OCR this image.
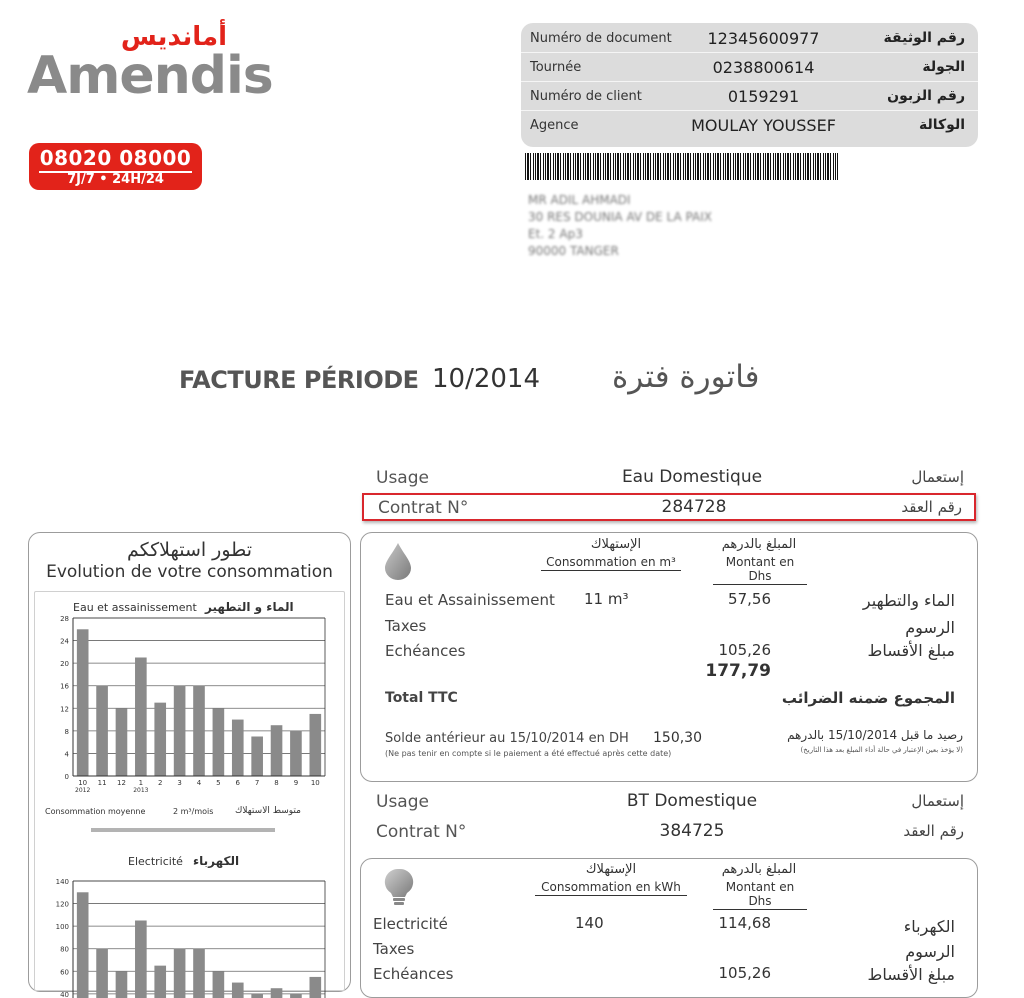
أمانديس
Amendis
08020 08000
7J/7 • 24H/24
Numéro de document	12345600977	رقم الوثيقة
Tournée	0238800614	الجولة
Numéro de client	0159291	رقم الزبون
Agence	MOULAY YOUSSEF	الوكالة
MR ADIL AHMADI
30 RES DOUNIA AV DE LA PAIX
Et. 2 Ap3
90000 TANGER
FACTURE PÉRIODE 10/2014 فاتورة فترة
Usage	Eau Domestique	إستعمال
Contrat N°	284728	رقم العقد
الإستهلاك
Consommation en m³
المبلغ بالدرهم
Montant en Dhs
Eau et Assainissement 11 m³	57,56	الماء والتطهير
Taxes	الرسوم
Echéances	105,26	مبلغ الأقساط
177,79
Total TTC	المجموع ضمنه الضرائب
Solde antérieur au 15/10/2014 en DH 150,30
(Ne pas tenir en compte si le paiement a été effectué après cette date)
رصيد ما قبل 15/10/2014 بالدرهم
(لا يؤخذ بعين الإعتبار في حالة أداء المبلغ بعد هذا التاريخ)
Usage	BT Domestique	إستعمال
Contrat N°	384725	رقم العقد
الإستهلاك
Consommation en kWh
المبلغ بالدرهم
Montant en Dhs
Electricité	140	114,68	الكهرباء
Taxes	الرسوم
Echéances	105,26	مبلغ الأقساط
تطور استهلاككم
Evolution de votre consommation
Eau et assainissement الماء و التطهير
0
4
8
12
16
20
24
28
10 11 12 1 2 3 4 5 6 7 8 9 10
2012	2013
Consommation moyenne	2 m³/mois متوسط الاستهلاك
Electricité الكهرباء
40
60
80
100
120
140
